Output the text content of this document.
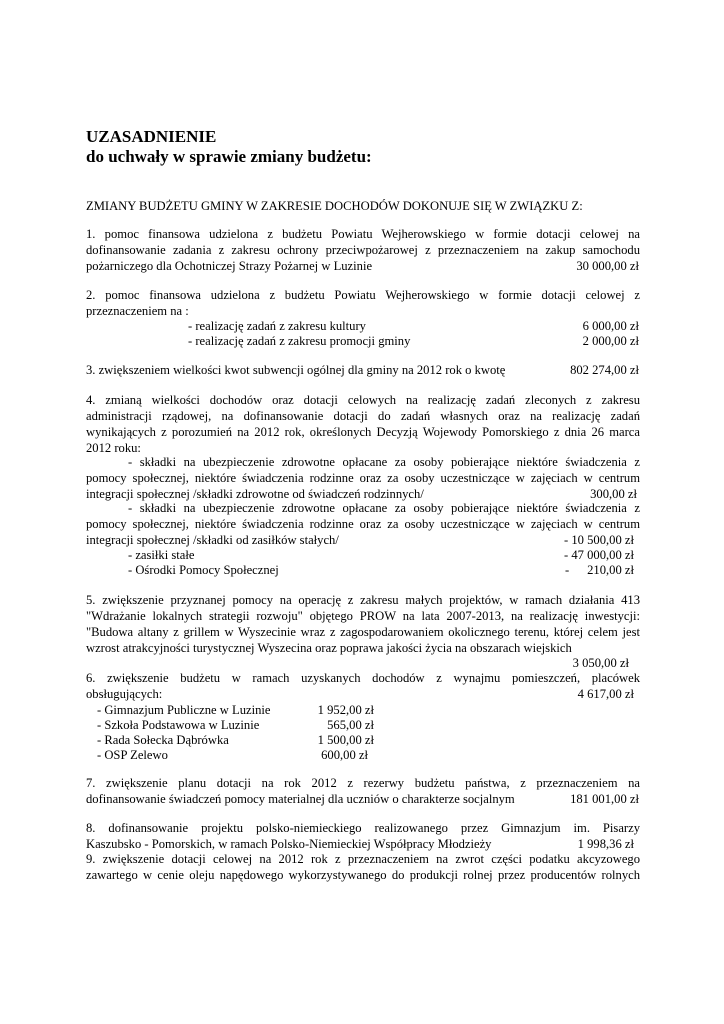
UZASADNIENIE
do uchwały w sprawie zmiany budżetu:
ZMIANY BUDŻETU GMINY W ZAKRESIE DOCHODÓW DOKONUJE SIĘ W ZWIĄZKU Z:
1. pomoc finansowa udzielona z budżetu Powiatu Wejherowskiego w formie dotacji celowej na
dofinansowanie zadania z zakresu ochrony przeciwpożarowej z przeznaczeniem na zakup samochodu
pożarniczego dla Ochotniczej Strazy Pożarnej w Luzinie	30 000,00 zł
2. pomoc finansowa udzielona z budżetu Powiatu Wejherowskiego w formie dotacji celowej z
przeznaczeniem na :
- realizację zadań z zakresu kultury	6 000,00 zł
- realizację zadań z zakresu promocji gminy	2 000,00 zł
3. zwiększeniem wielkości kwot subwencji ogólnej dla gminy na 2012 rok o kwotę	802 274,00 zł
4. zmianą wielkości dochodów oraz dotacji celowych na realizację zadań zleconych z zakresu
administracji rządowej, na dofinansowanie dotacji do zadań własnych oraz na realizację zadań
wynikających z porozumień na 2012 rok, określonych Decyzją Wojewody Pomorskiego z dnia 26 marca
2012 roku:
- składki na ubezpieczenie zdrowotne opłacane za osoby pobierające niektóre świadczenia z
pomocy społecznej, niektóre świadczenia rodzinne oraz za osoby uczestniczące w zajęciach w centrum
integracji społecznej /składki zdrowotne od świadczeń rodzinnych/	300,00 zł
- składki na ubezpieczenie zdrowotne opłacane za osoby pobierające niektóre świadczenia z
pomocy społecznej, niektóre świadczenia rodzinne oraz za osoby uczestniczące w zajęciach w centrum
integracji społecznej /składki od zasiłków stałych/	- 10 500,00 zł
- zasiłki stałe	- 47 000,00 zł
- Ośrodki Pomocy Społecznej	- 210,00 zł
5. zwiększenie przyznanej pomocy na operację z zakresu małych projektów, w ramach działania 413
"Wdrażanie lokalnych strategii rozwoju" objętego PROW na lata 2007-2013, na realizację inwestycji:
"Budowa altany z grillem w Wyszecinie wraz z zagospodarowaniem okolicznego terenu, której celem jest
wzrost atrakcyjności turystycznej Wyszecina oraz poprawa jakości życia na obszarach wiejskich
3 050,00 zł
6. zwiększenie budżetu w ramach uzyskanych dochodów z wynajmu pomieszczeń, placówek
obsługujących:	4 617,00 zł
- Gimnazjum Publiczne w Luzinie	1 952,00 zł
- Szkoła Podstawowa w Luzinie	565,00 zł
- Rada Sołecka Dąbrówka	1 500,00 zł
- OSP Zelewo	600,00 zł
7. zwiększenie planu dotacji na rok 2012 z rezerwy budżetu państwa, z przeznaczeniem na
dofinansowanie świadczeń pomocy materialnej dla uczniów o charakterze socjalnym	181 001,00 zł
8. dofinansowanie projektu polsko-niemieckiego realizowanego przez Gimnazjum im. Pisarzy
Kaszubsko - Pomorskich, w ramach Polsko-Niemieckiej Współpracy Młodzieży	1 998,36 zł
9. zwiększenie dotacji celowej na 2012 rok z przeznaczeniem na zwrot części podatku akcyzowego
zawartego w cenie oleju napędowego wykorzystywanego do produkcji rolnej przez producentów rolnych
